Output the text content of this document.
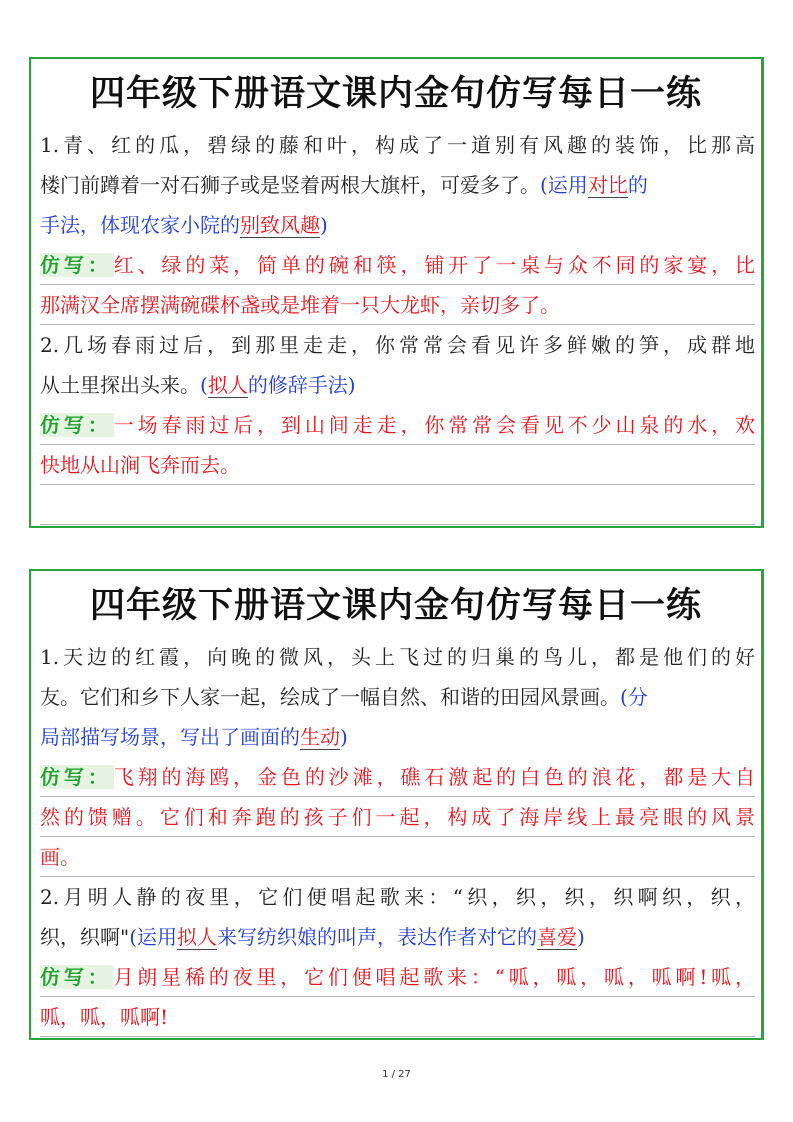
四年级下册语文课内金句仿写每日一练
1.青、红的瓜，碧绿的藤和叶，构成了一道别有风趣的装饰，比那高
楼门前蹲着一对石狮子或是竖着两根大旗杆，可爱多了。(运用对比的
手法，体现农家小院的别致风趣)
仿写： 红、绿的菜，简单的碗和筷，铺开了一桌与众不同的家宴，比
那满汉全席摆满碗碟杯盏或是堆着一只大龙虾，亲切多了。
2.几场春雨过后，到那里走走，你常常会看见许多鲜嫩的笋，成群地
从土里探出头来。(拟人的修辞手法)
仿写： 一场春雨过后，到山间走走，你常常会看见不少山泉的水，欢
快地从山涧飞奔而去。
四年级下册语文课内金句仿写每日一练
1.天边的红霞，向晚的微风，头上飞过的归巢的鸟儿，都是他们的好
友。它们和乡下人家一起，绘成了一幅自然、和谐的田园风景画。(分
局部描写场景，写出了画面的生动)
仿写： 飞翔的海鸥，金色的沙滩，礁石激起的白色的浪花，都是大自
然的馈赠。它们和奔跑的孩子们一起，构成了海岸线上最亮眼的风景
画。
2.月明人静的夜里，它们便唱起歌来：“织，织，织，织啊织，织，
织，织啊"(运用拟人来写纺织娘的叫声，表达作者对它的喜爱)
仿写： 月朗星稀的夜里，它们便唱起歌来：“呱，呱，呱，呱啊!呱，
呱，呱，呱啊!
1 / 27
